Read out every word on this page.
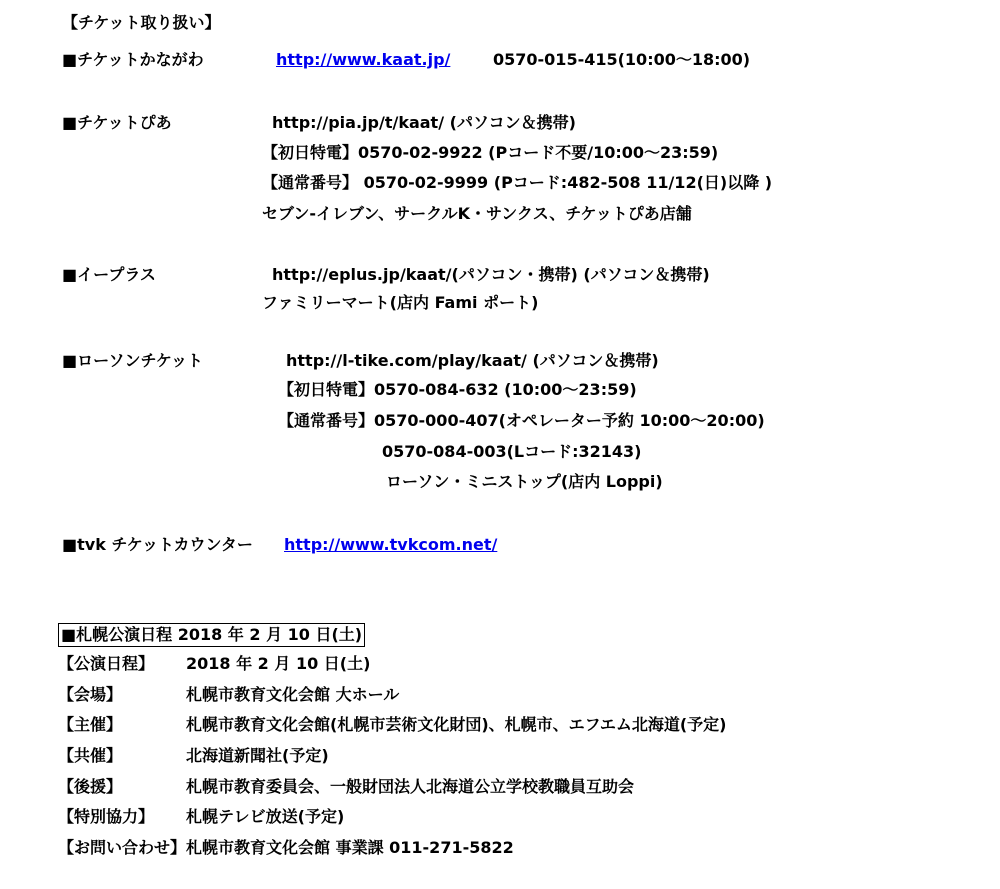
【チケット取り扱い】
■チケットかながわ	http://www.kaat.jp/	0570-015-415(10:00～18:00)
■チケットぴあ	http://pia.jp/t/kaat/ (パソコン＆携帯)
【初日特電】0570-02-9922 (Pコード不要/10:00～23:59)
【通常番号】 0570-02-9999 (Pコード:482-508 11/12(日)以降 )
セブン-イレブン、サークルK・サンクス、チケットぴあ店舗
■イープラス	http://eplus.jp/kaat/(パソコン・携帯) (パソコン＆携帯)
ファミリーマート(店内 Fami ポート)
■ローソンチケット	http://l-tike.com/play/kaat/ (パソコン＆携帯)
【初日特電】0570-084-632 (10:00～23:59)
【通常番号】0570-000-407(オペレーター予約 10:00～20:00)
0570-084-003(Lコード:32143)
ローソン・ミニストップ(店内 Loppi)
■tvk チケットカウンター http://www.tvkcom.net/
■札幌公演日程 2018 年 2 月 10 日(土)
【公演日程】 2018 年 2 月 10 日(土)
【会場】	札幌市教育文化会館 大ホール
【主催】	札幌市教育文化会館(札幌市芸術文化財団)、札幌市、エフエム北海道(予定)
【共催】	北海道新聞社(予定)
【後援】	札幌市教育委員会、一般財団法人北海道公立学校教職員互助会
【特別協力】 札幌テレビ放送(予定)
【お問い合わせ】札幌市教育文化会館 事業課 011-271-5822
